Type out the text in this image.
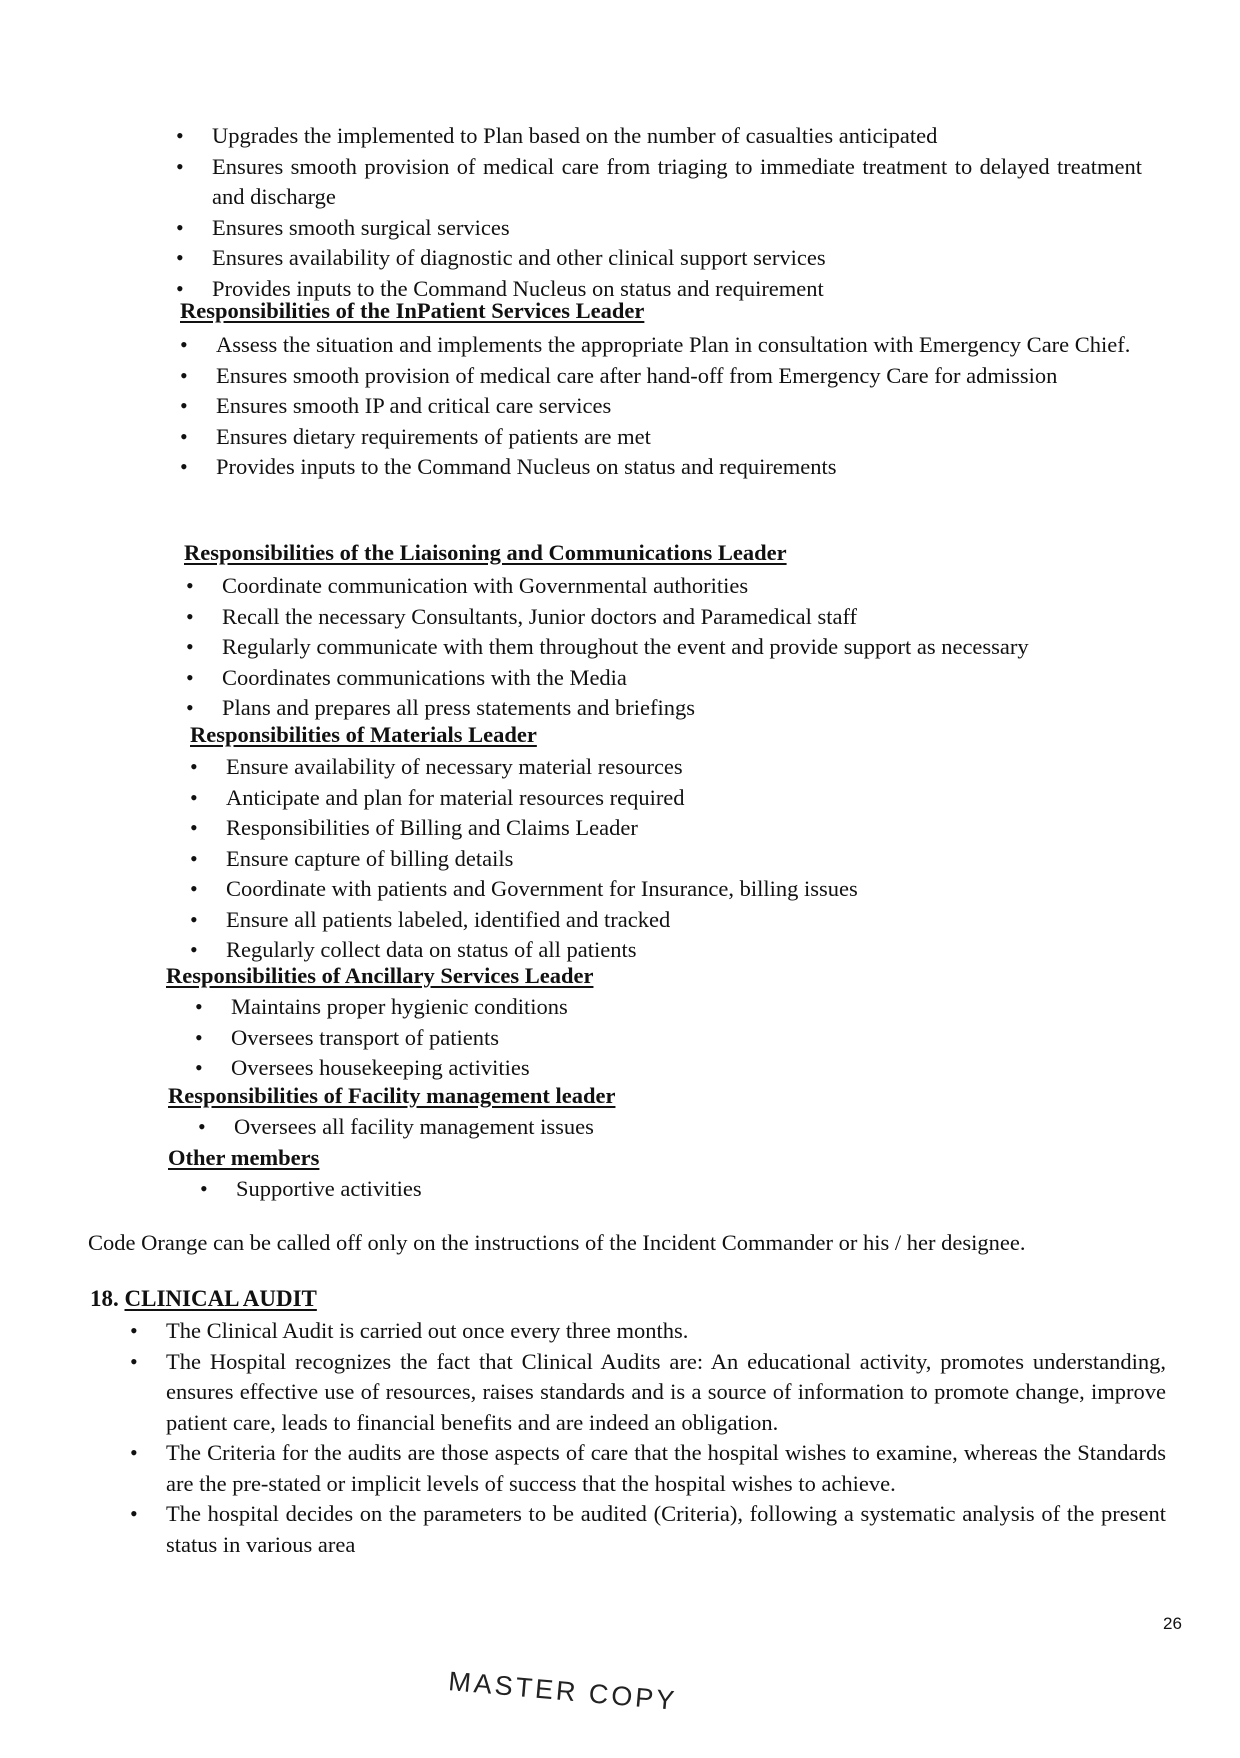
• Upgrades the implemented to Plan based on the number of casualties anticipated
• Ensures smooth provision of medical care from triaging to immediate treatment to delayed treatment and discharge
• Ensures smooth surgical services
• Ensures availability of diagnostic and other clinical support services
• Provides inputs to the Command Nucleus on status and requirement
Responsibilities of the InPatient Services Leader
• Assess the situation and implements the appropriate Plan in consultation with Emergency Care Chief.
• Ensures smooth provision of medical care after hand-off from Emergency Care for admission
• Ensures smooth IP and critical care services
• Ensures dietary requirements of patients are met
• Provides inputs to the Command Nucleus on status and requirements
Responsibilities of the Liaisoning and Communications Leader
• Coordinate communication with Governmental authorities
• Recall the necessary Consultants, Junior doctors and Paramedical staff
• Regularly communicate with them throughout the event and provide support as necessary
• Coordinates communications with the Media
• Plans and prepares all press statements and briefings
Responsibilities of Materials Leader
• Ensure availability of necessary material resources
• Anticipate and plan for material resources required
• Responsibilities of Billing and Claims Leader
• Ensure capture of billing details
• Coordinate with patients and Government for Insurance, billing issues
• Ensure all patients labeled, identified and tracked
• Regularly collect data on status of all patients
Responsibilities of Ancillary Services Leader
• Maintains proper hygienic conditions
• Oversees transport of patients
• Oversees housekeeping activities
Responsibilities of Facility management leader
• Oversees all facility management issues
Other members
• Supportive activities
Code Orange can be called off only on the instructions of the Incident Commander or his / her designee.
18. CLINICAL AUDIT
• The Clinical Audit is carried out once every three months.
• The Hospital recognizes the fact that Clinical Audits are: An educational activity, promotes understanding, ensures effective use of resources, raises standards and is a source of information to promote change, improve patient care, leads to financial benefits and are indeed an obligation.
• The Criteria for the audits are those aspects of care that the hospital wishes to examine, whereas the Standards are the pre-stated or implicit levels of success that the hospital wishes to achieve.
• The hospital decides on the parameters to be audited (Criteria), following a systematic analysis of the present status in various area
26
MASTER COPY
